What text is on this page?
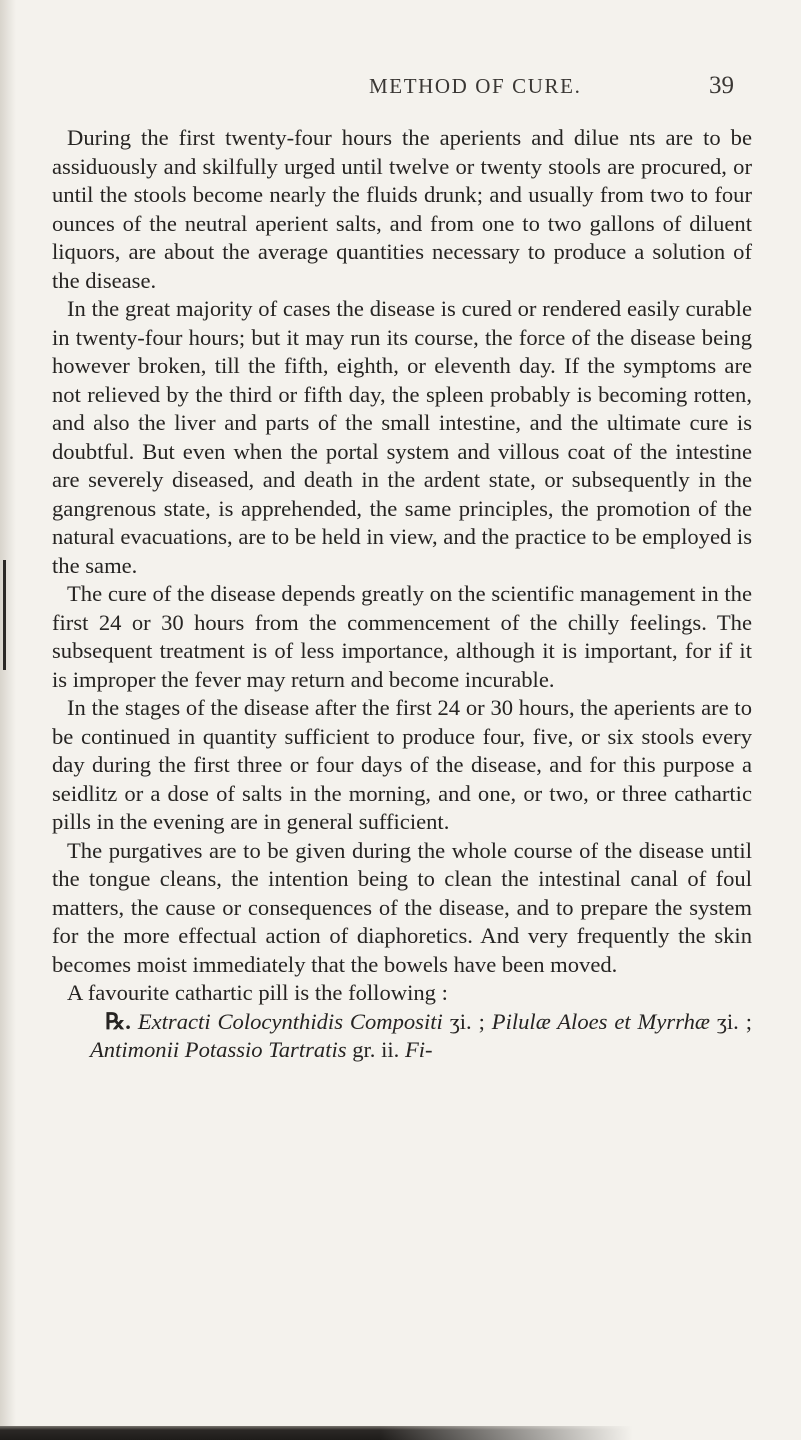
METHOD OF CURE.	39

During the first twenty-four hours the aperients and dilue nts are to be assiduously and skilfully urged until twelve or twenty stools are procured, or until the stools become nearly the fluids drunk; and usually from two to four ounces of the neutral aperient salts, and from one to two gallons of diluent liquors, are about the average quantities necessary to produce a solution of the disease.

In the great majority of cases the disease is cured or rendered easily curable in twenty-four hours; but it may run its course, the force of the disease being however broken, till the fifth, eighth, or eleventh day. If the symptoms are not relieved by the third or fifth day, the spleen probably is becoming rotten, and also the liver and parts of the small intestine, and the ultimate cure is doubtful. But even when the portal system and villous coat of the intestine are severely diseased, and death in the ardent state, or subsequently in the gangrenous state, is apprehended, the same principles, the promotion of the natural evacuations, are to be held in view, and the practice to be employed is the same.

The cure of the disease depends greatly on the scientific management in the first 24 or 30 hours from the commencement of the chilly feelings. The subsequent treatment is of less importance, although it is important, for if it is improper the fever may return and become incurable.

In the stages of the disease after the first 24 or 30 hours, the aperients are to be continued in quantity sufficient to produce four, five, or six stools every day during the first three or four days of the disease, and for this purpose a seidlitz or a dose of salts in the morning, and one, or two, or three cathartic pills in the evening are in general sufficient.

The purgatives are to be given during the whole course of the disease until the tongue cleans, the intention being to clean the intestinal canal of foul matters, the cause or consequences of the disease, and to prepare the system for the more effectual action of diaphoretics. And very frequently the skin becomes moist immediately that the bowels have been moved.

A favourite cathartic pill is the following :

℞. Extracti Colocynthidis Compositi ʒi. ; Pilulæ Aloes et Myrrhæ ʒi. ; Antimonii Potassio Tartratis gr. ii. Fi-
